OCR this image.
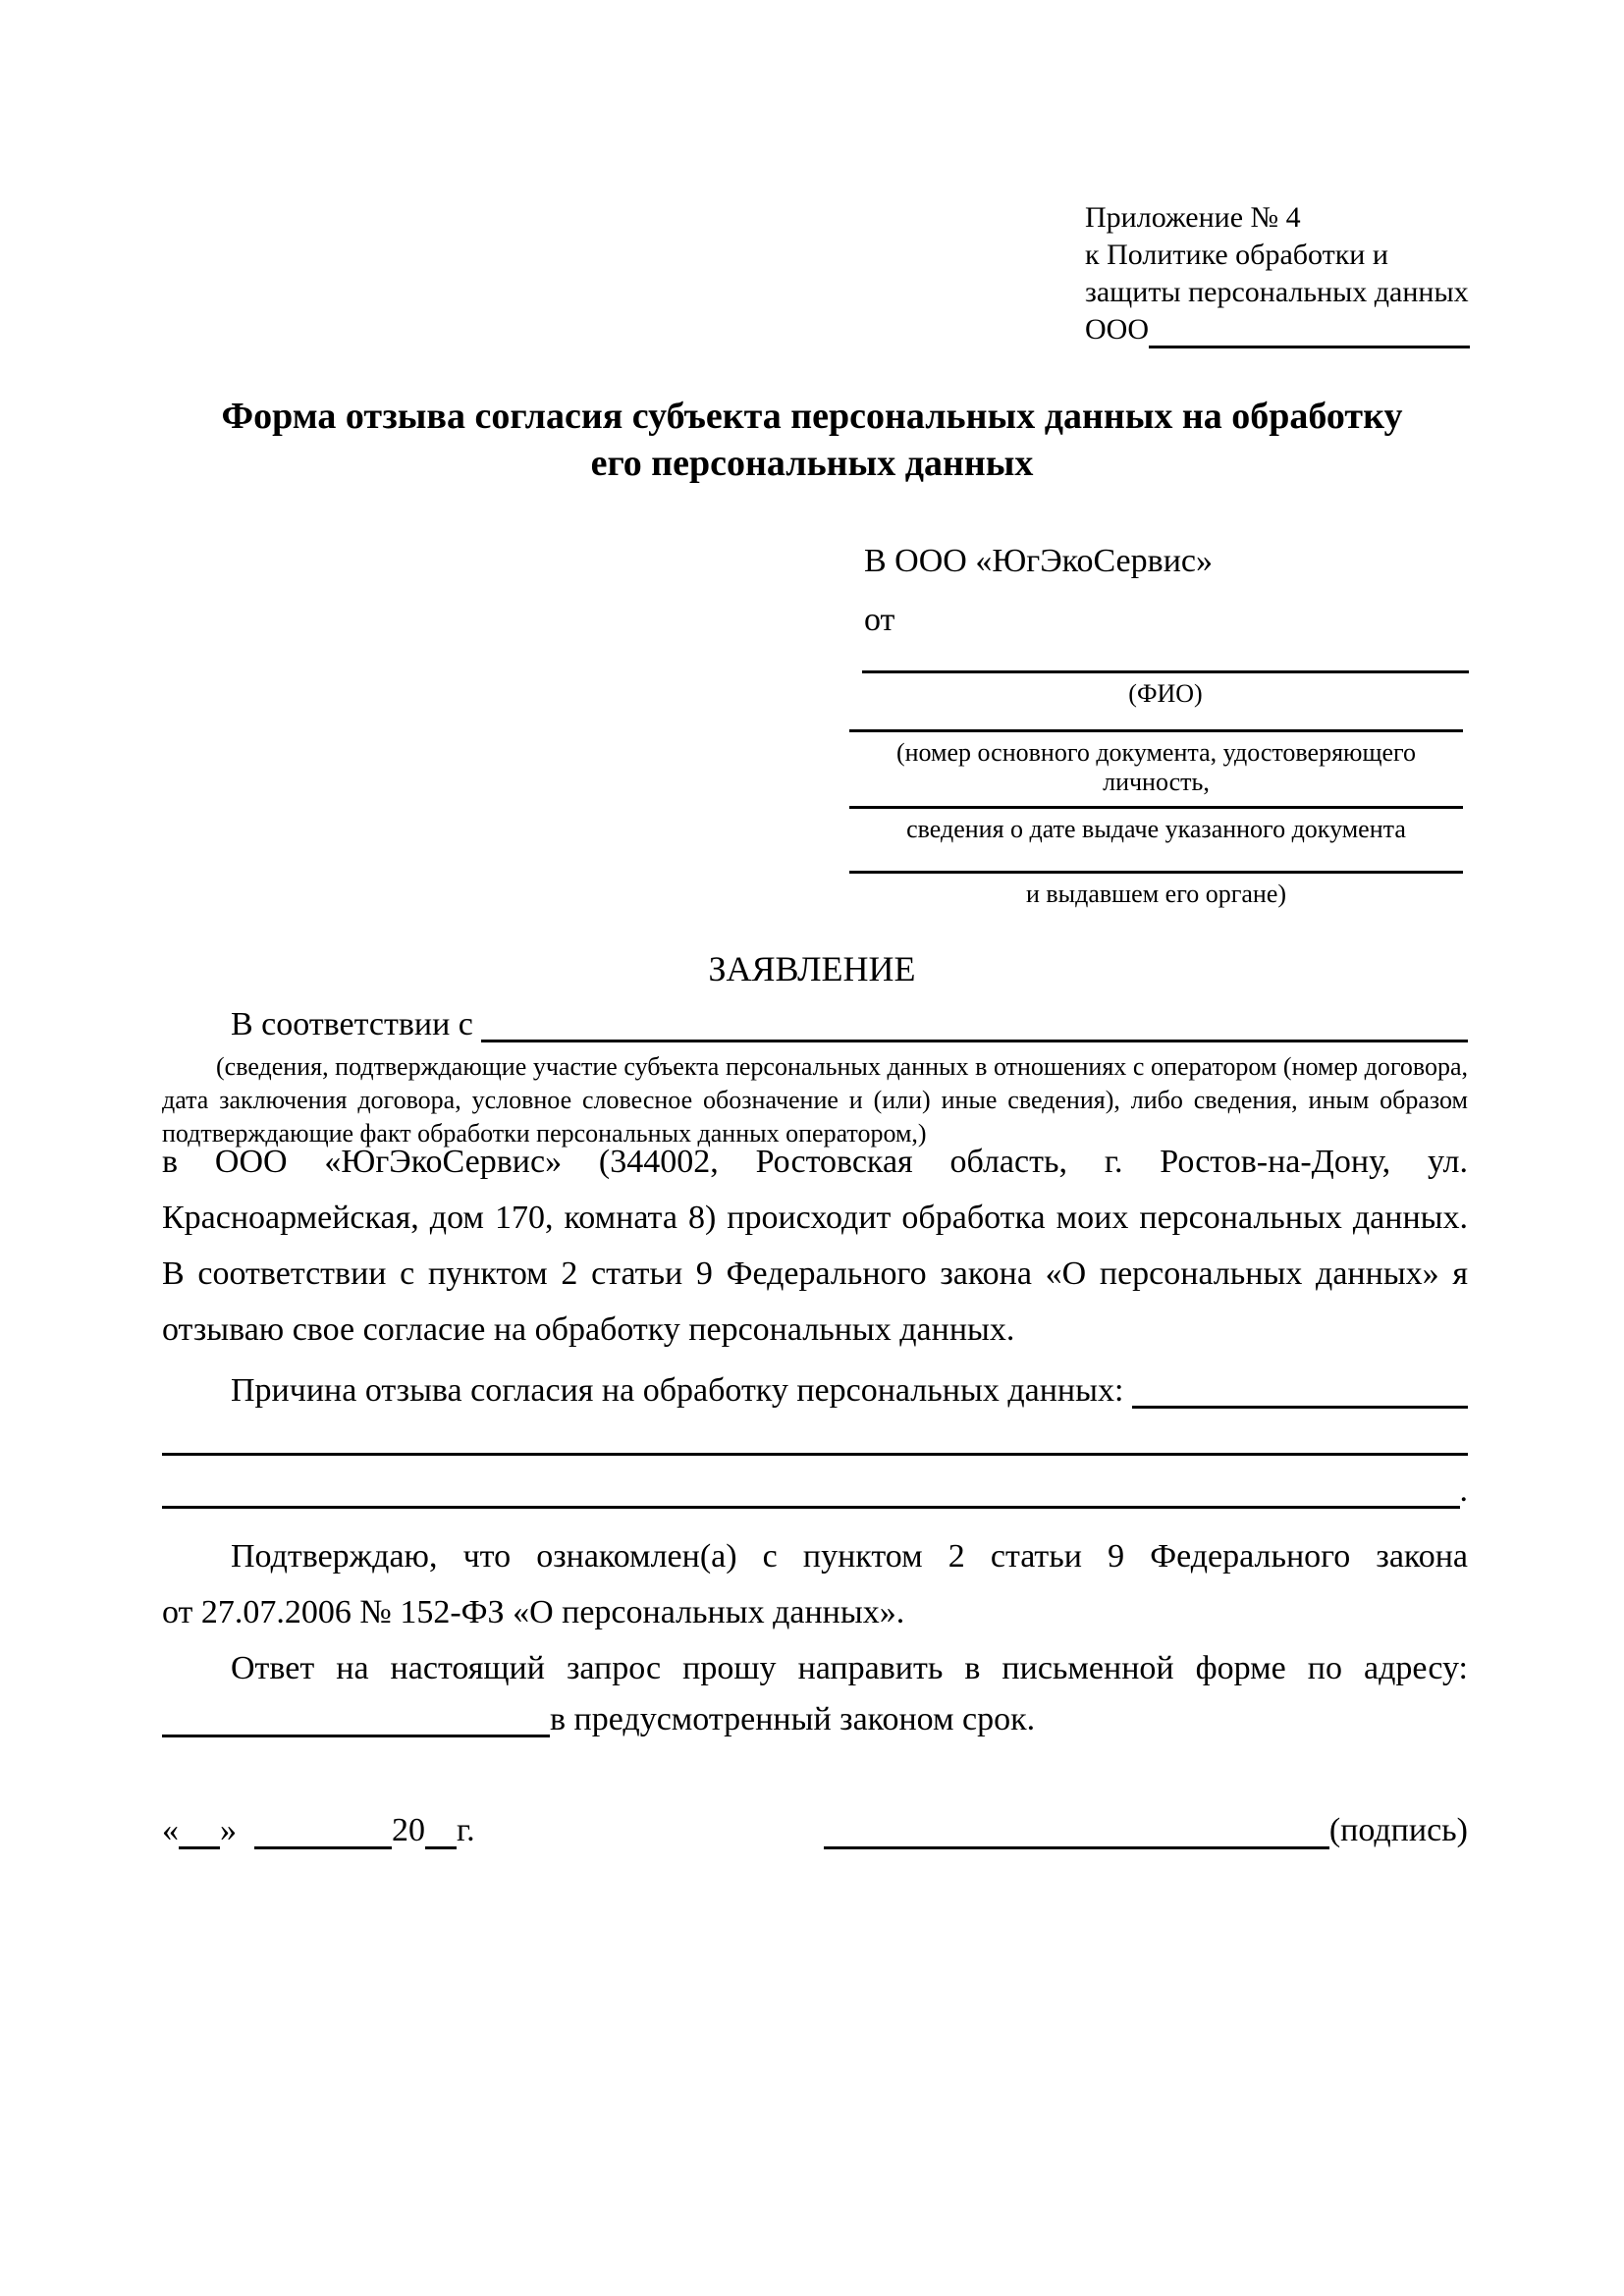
Приложение № 4
к Политике обработки и
защиты персональных данных
ООО
Форма отзыва согласия субъекта персональных данных на обработку
его персональных данных
В ООО «ЮгЭкоСервис»
от
(ФИО)
(номер основного документа, удостоверяющего личность,
сведения о дате выдаче указанного документа
и выдавшем его органе)
ЗАЯВЛЕНИЕ
В соответствии с
(сведения, подтверждающие участие субъекта персональных данных в отношениях с оператором (номер договора, дата заключения договора, условное словесное обозначение и (или) иные сведения), либо сведения, иным образом подтверждающие факт обработки персональных данных оператором,)
в ООО «ЮгЭкоСервис» (344002, Ростовская область, г. Ростов-на-Дону, ул.
Красноармейская, дом 170, комната 8) происходит обработка моих персональных данных.
В соответствии с пунктом 2 статьи 9 Федерального закона «О персональных данных» я
отзываю свое согласие на обработку персональных данных.
Причина отзыва согласия на обработку персональных данных:
.
Подтверждаю, что ознакомлен(а) с пунктом 2 статьи 9 Федерального закона
от 27.07.2006 № 152-ФЗ «О персональных данных».
Ответ на настоящий запрос прошу направить в письменной форме по адресу:
в предусмотренный законом срок.
« »	20 г.	(подпись)
